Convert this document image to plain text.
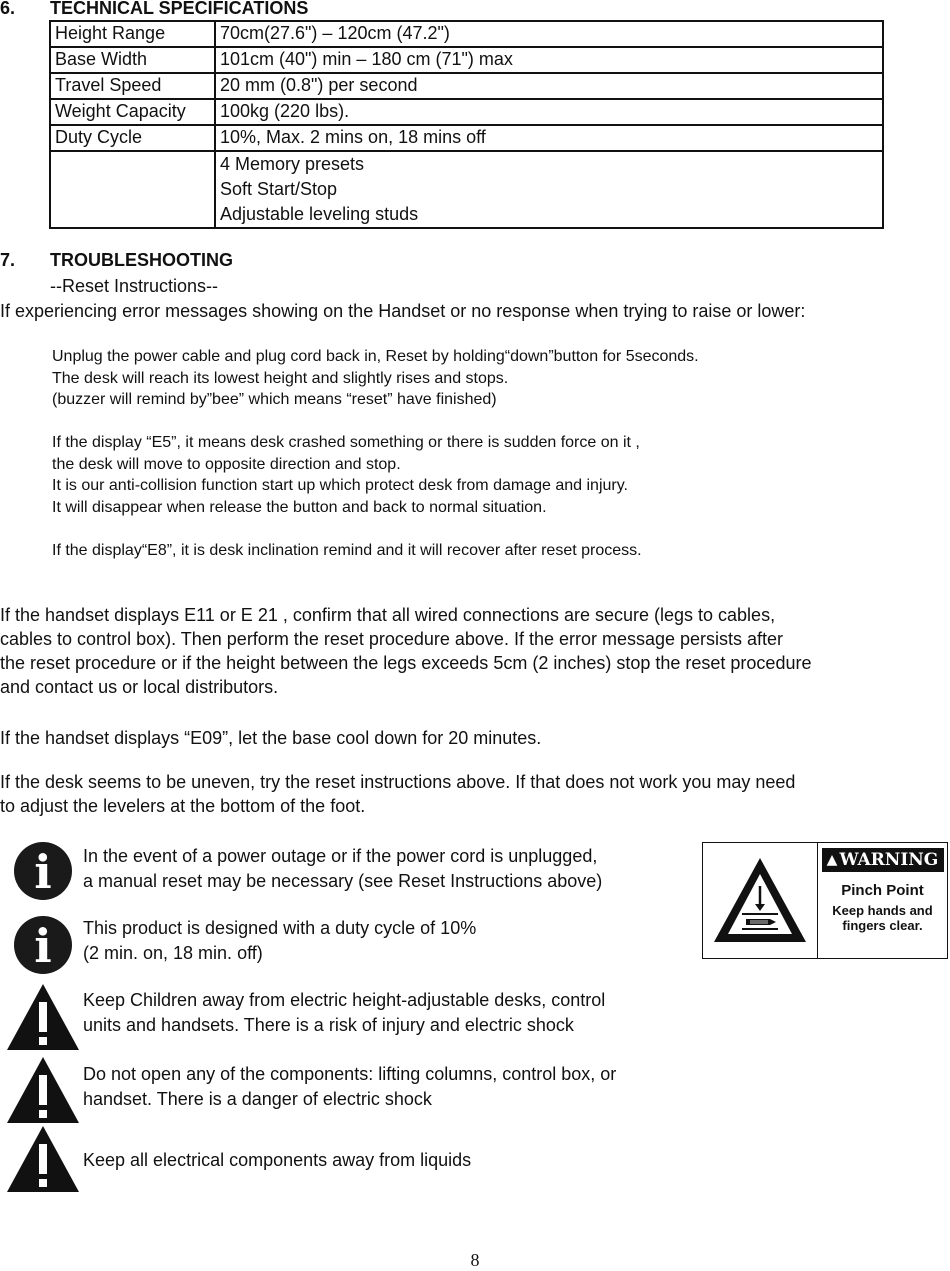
6. TECHNICAL SPECIFICATIONS
Height Range	70cm(27.6") – 120cm (47.2")
Base Width	101cm (40") min – 180 cm (71") max
Travel Speed	20 mm (0.8") per second
Weight Capacity	100kg (220 lbs).
Duty Cycle	10%, Max. 2 mins on, 18 mins off

	4 Memory presets
Soft Start/Stop
Adjustable leveling studs
7. TROUBLESHOOTING
--Reset Instructions--
If experiencing error messages showing on the Handset or no response when trying to raise or lower:
Unplug the power cable and plug cord back in, Reset by holding“down”button for 5seconds.
The desk will reach its lowest height and slightly rises and stops.
(buzzer will remind by”bee” which means “reset” have finished)
If the display “E5”, it means desk crashed something or there is sudden force on it ,
the desk will move to opposite direction and stop.
It is our anti-collision function start up which protect desk from damage and injury.
It will disappear when release the button and back to normal situation.
If the display“E8”, it is desk inclination remind and it will recover after reset process.
If the handset displays E11 or E 21 , confirm that all wired connections are secure (legs to cables,
cables to control box). Then perform the reset procedure above. If the error message persists after
the reset procedure or if the height between the legs exceeds 5cm (2 inches) stop the reset procedure
and contact us or local distributors.
If the handset displays “E09”, let the base cool down for 20 minutes.
If the desk seems to be uneven, try the reset instructions above. If that does not work you may need
to adjust the levelers at the bottom of the foot.
i	In the event of a power outage or if the power cord is unplugged,
a manual reset may be necessary (see Reset Instructions above)
i	This product is designed with a duty cycle of 10%
(2 min. on, 18 min. off)
Keep Children away from electric height-adjustable desks, control
units and handsets. There is a risk of injury and electric shock
Do not open any of the components: lifting columns, control box, or
handset. There is a danger of electric shock
Keep all electrical components away from liquids
▲ WARNING
Pinch Point
Keep hands and
fingers clear.
8
